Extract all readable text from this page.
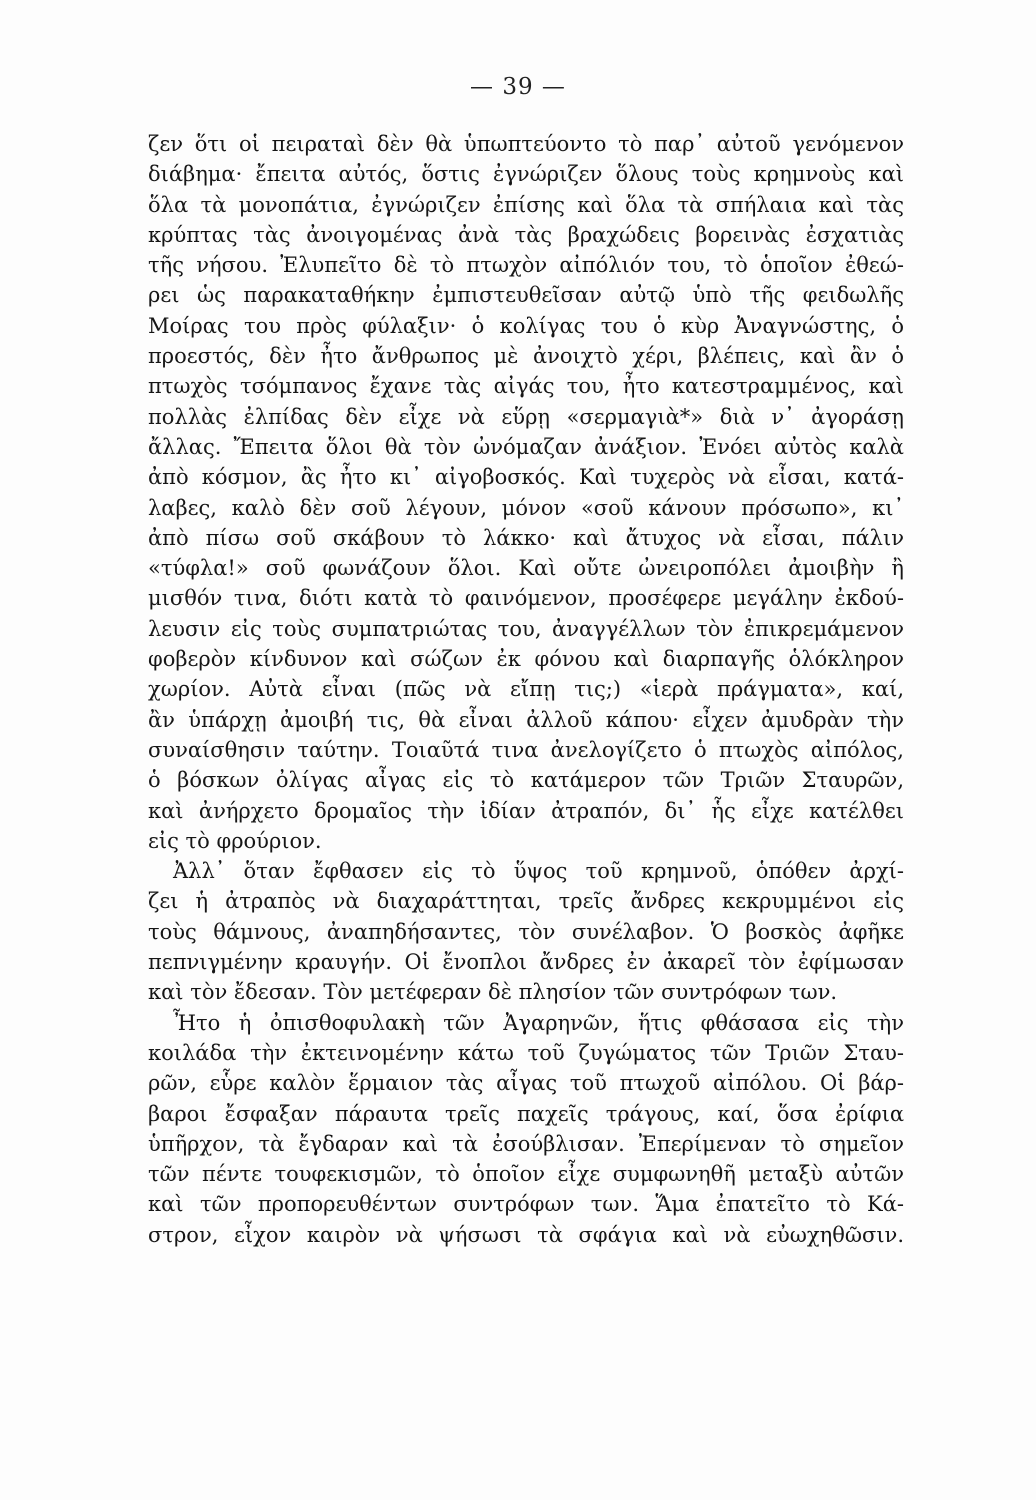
— 39 —
ζεν ὅτι οἱ πειραταὶ δὲν θὰ ὑπωπτεύοντο τὸ παρ᾽ αὐτοῦ γενόμενον
διάβημα· ἔπειτα αὐτός, ὅστις ἐγνώριζεν ὅλους τοὺς κρημνοὺς καὶ
ὅλα τὰ μονοπάτια, ἐγνώριζεν ἐπίσης καὶ ὅλα τὰ σπήλαια καὶ τὰς
κρύπτας τὰς ἀνοιγομένας ἀνὰ τὰς βραχώδεις βορεινὰς ἐσχατιὰς
τῆς νήσου. Ἐλυπεῖτο δὲ τὸ πτωχὸν αἰπόλιόν του, τὸ ὁποῖον ἐθεώ-
ρει ὡς παρακαταθήκην ἐμπιστευθεῖσαν αὐτῷ ὑπὸ τῆς φειδωλῆς
Μοίρας του πρὸς φύλαξιν· ὁ κολίγας του ὁ κὺρ Ἀναγνώστης, ὁ
προεστός, δὲν ἦτο ἄνθρωπος μὲ ἀνοιχτὸ χέρι, βλέπεις, καὶ ἂν ὁ
πτωχὸς τσόμπανος ἔχανε τὰς αἰγάς του, ἦτο κατεστραμμένος, καὶ
πολλὰς ἐλπίδας δὲν εἶχε νὰ εὕρῃ «σερμαγιὰ*» διὰ ν᾽ ἀγοράσῃ
ἄλλας. Ἔπειτα ὅλοι θὰ τὸν ὠνόμαζαν ἀνάξιον. Ἐνόει αὐτὸς καλὰ
ἀπὸ κόσμον, ἂς ἦτο κι᾽ αἰγοβοσκός. Καὶ τυχερὸς νὰ εἶσαι, κατά-
λαβες, καλὸ δὲν σοῦ λέγουν, μόνον «σοῦ κάνουν πρόσωπο», κι᾽
ἀπὸ πίσω σοῦ σκάβουν τὸ λάκκο· καὶ ἄτυχος νὰ εἶσαι, πάλιν
«τύφλα!» σοῦ φωνάζουν ὅλοι. Καὶ οὔτε ὠνειροπόλει ἀμοιβὴν ἢ
μισθόν τινα, διότι κατὰ τὸ φαινόμενον, προσέφερε μεγάλην ἐκδού-
λευσιν εἰς τοὺς συμπατριώτας του, ἀναγγέλλων τὸν ἐπικρεμάμενον
φοβερὸν κίνδυνον καὶ σώζων ἐκ φόνου καὶ διαρπαγῆς ὁλόκληρον
χωρίον. Αὐτὰ εἶναι (πῶς νὰ εἴπῃ τις;) «ἱερὰ πράγματα», καί,
ἂν ὑπάρχῃ ἀμοιβή τις, θὰ εἶναι ἀλλοῦ κάπου· εἶχεν ἀμυδρὰν τὴν
συναίσθησιν ταύτην. Τοιαῦτά τινα ἀνελογίζετο ὁ πτωχὸς αἰπόλος,
ὁ βόσκων ὀλίγας αἶγας εἰς τὸ κατάμερον τῶν Τριῶν Σταυρῶν,
καὶ ἀνήρχετο δρομαῖος τὴν ἰδίαν ἀτραπόν, δι᾽ ἧς εἶχε κατέλθει
εἰς τὸ φρούριον.
Ἀλλ᾽ ὅταν ἔφθασεν εἰς τὸ ὕψος τοῦ κρημνοῦ, ὁπόθεν ἀρχί-
ζει ἡ ἀτραπὸς νὰ διαχαράττηται, τρεῖς ἄνδρες κεκρυμμένοι εἰς
τοὺς θάμνους, ἀναπηδήσαντες, τὸν συνέλαβον. Ὁ βοσκὸς ἀφῆκε
πεπνιγμένην κραυγήν. Οἱ ἔνοπλοι ἄνδρες ἐν ἀκαρεῖ τὸν ἐφίμωσαν
καὶ τὸν ἔδεσαν. Τὸν μετέφεραν δὲ πλησίον τῶν συντρόφων των.
Ἦτο ἡ ὀπισθοφυλακὴ τῶν Ἀγαρηνῶν, ἥτις φθάσασα εἰς τὴν
κοιλάδα τὴν ἐκτεινομένην κάτω τοῦ ζυγώματος τῶν Τριῶν Σταυ-
ρῶν, εὗρε καλὸν ἕρμαιον τὰς αἶγας τοῦ πτωχοῦ αἰπόλου. Οἱ βάρ-
βαροι ἔσφαξαν πάραυτα τρεῖς παχεῖς τράγους, καί, ὅσα ἐρίφια
ὑπῆρχον, τὰ ἔγδαραν καὶ τὰ ἐσούβλισαν. Ἐπερίμεναν τὸ σημεῖον
τῶν πέντε τουφεκισμῶν, τὸ ὁποῖον εἶχε συμφωνηθῆ μεταξὺ αὐτῶν
καὶ τῶν προπορευθέντων συντρόφων των. Ἅμα ἐπατεῖτο τὸ Κά-
στρον, εἶχον καιρὸν νὰ ψήσωσι τὰ σφάγια καὶ νὰ εὐωχηθῶσιν.
